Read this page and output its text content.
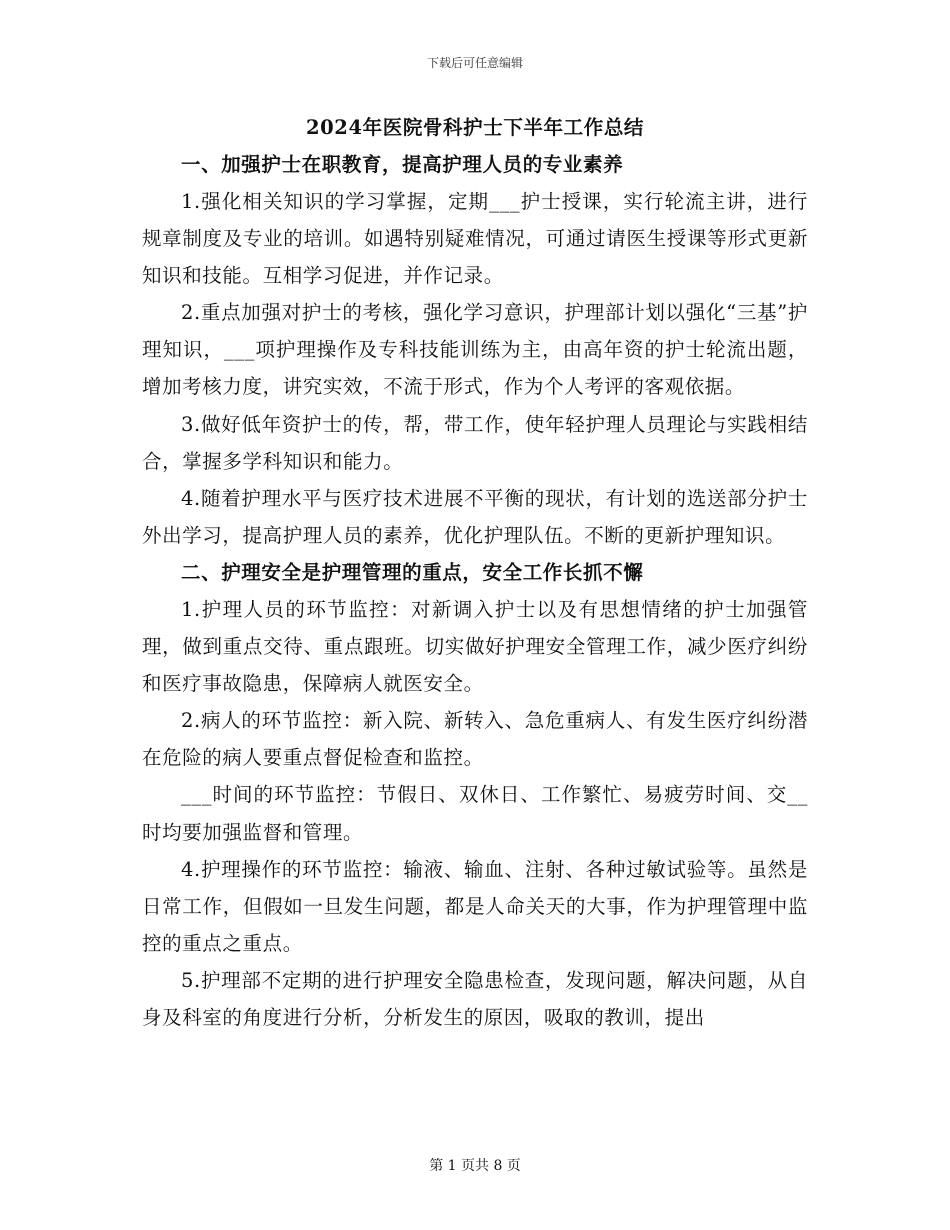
下载后可任意编辑
2024年医院骨科护士下半年工作总结
一、加强护士在职教育，提高护理人员的专业素养
1.强化相关知识的学习掌握，定期___护士授课，实行轮流主讲，进行规章制度及专业的培训。如遇特别疑难情况，可通过请医生授课等形式更新知识和技能。互相学习促进，并作记录。
2.重点加强对护士的考核，强化学习意识，护理部计划以强化“三基”护理知识，___项护理操作及专科技能训练为主，由高年资的护士轮流出题，增加考核力度，讲究实效，不流于形式，作为个人考评的客观依据。
3.做好低年资护士的传，帮，带工作，使年轻护理人员理论与实践相结合，掌握多学科知识和能力。
4.随着护理水平与医疗技术进展不平衡的现状，有计划的选送部分护士外出学习，提高护理人员的素养，优化护理队伍。不断的更新护理知识。
二、护理安全是护理管理的重点，安全工作长抓不懈
1.护理人员的环节监控：对新调入护士以及有思想情绪的护士加强管理，做到重点交待、重点跟班。切实做好护理安全管理工作，减少医疗纠纷和医疗事故隐患，保障病人就医安全。
2.病人的环节监控：新入院、新转入、急危重病人、有发生医疗纠纷潜在危险的病人要重点督促检查和监控。
___时间的环节监控：节假日、双休日、工作繁忙、易疲劳时间、交__时均要加强监督和管理。
4.护理操作的环节监控：输液、输血、注射、各种过敏试验等。虽然是日常工作，但假如一旦发生问题，都是人命关天的大事，作为护理管理中监控的重点之重点。
5.护理部不定期的进行护理安全隐患检查，发现问题，解决问题，从自身及科室的角度进行分析，分析发生的原因，吸取的教训，提出
第 1 页共 8 页
